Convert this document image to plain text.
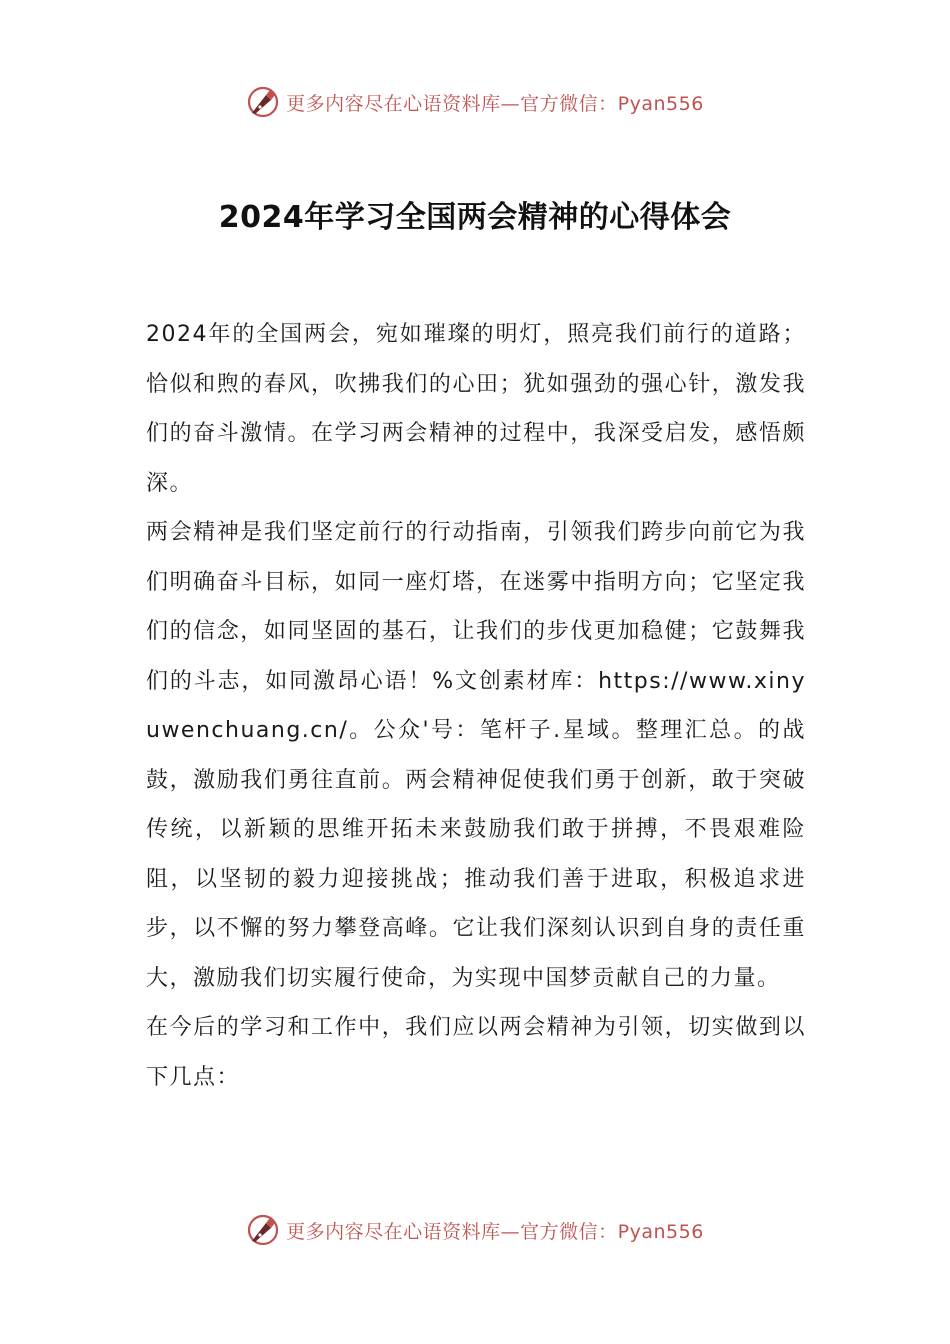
更多内容尽在心语资料库—官方微信：Pyan556
2024年学习全国两会精神的心得体会

2024年的全国两会，宛如璀璨的明灯，照亮我们前行的道路；恰似和煦的春风，吹拂我们的心田；犹如强劲的强心针，激发我们的奋斗激情。在学习两会精神的过程中，我深受启发，感悟颇深。

两会精神是我们坚定前行的行动指南，引领我们跨步向前它为我们明确奋斗目标，如同一座灯塔，在迷雾中指明方向；它坚定我们的信念，如同坚固的基石，让我们的步伐更加稳健；它鼓舞我们的斗志，如同激昂心语！%文创素材库：https://www.xinyuwenchuang.cn/。公众'号：笔杆子.星域。整理汇总。的战鼓，激励我们勇往直前。两会精神促使我们勇于创新，敢于突破传统，以新颖的思维开拓未来鼓励我们敢于拼搏，不畏艰难险阻，以坚韧的毅力迎接挑战；推动我们善于进取，积极追求进步，以不懈的努力攀登高峰。它让我们深刻认识到自身的责任重大，激励我们切实履行使命，为实现中国梦贡献自己的力量。

在今后的学习和工作中，我们应以两会精神为引领，切实做到以下几点：

更多内容尽在心语资料库—官方微信：Pyan556
